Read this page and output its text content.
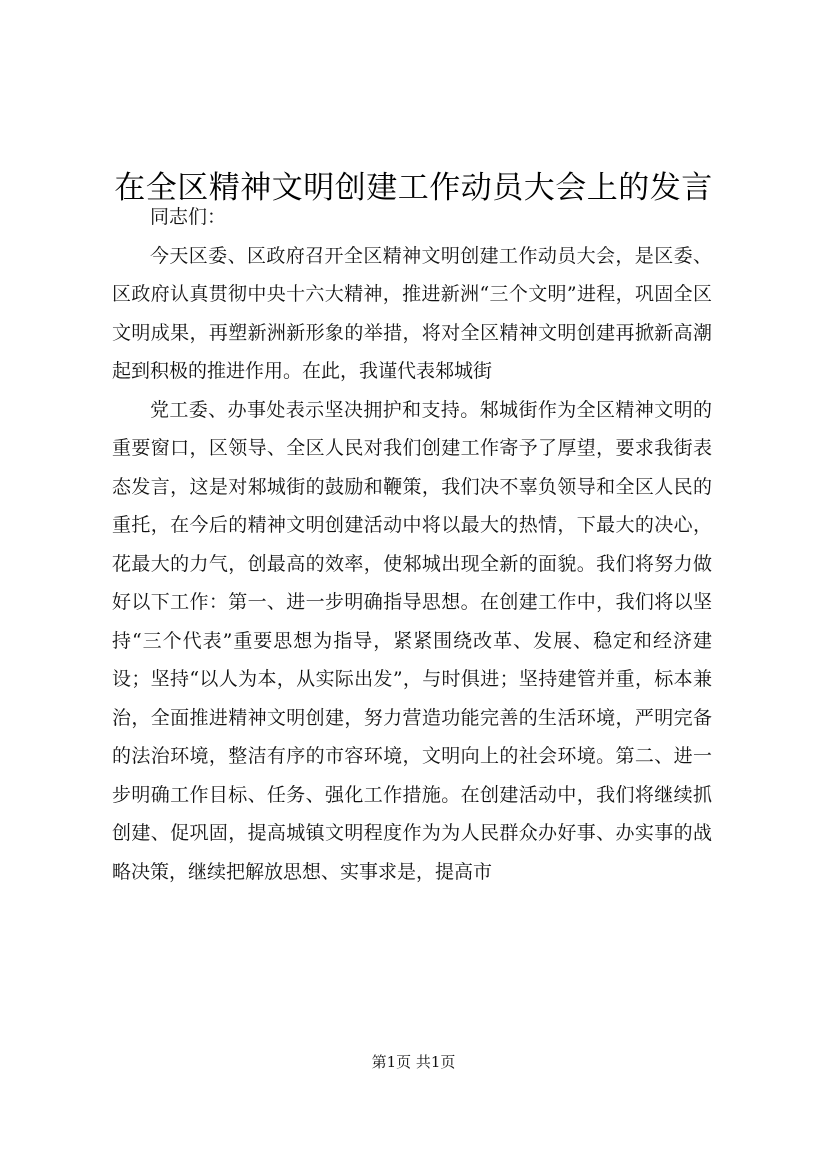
在全区精神文明创建工作动员大会上的发言

同志们：

今天区委、区政府召开全区精神文明创建工作动员大会，是区委、区政府认真贯彻中央十六大精神，推进新洲“三个文明”进程，巩固全区文明成果，再塑新洲新形象的举措，将对全区精神文明创建再掀新高潮起到积极的推进作用。在此，我谨代表邾城街

党工委、办事处表示坚决拥护和支持。邾城街作为全区精神文明的重要窗口，区领导、全区人民对我们创建工作寄予了厚望，要求我街表态发言，这是对邾城街的鼓励和鞭策，我们决不辜负领导和全区人民的重托，在今后的精神文明创建活动中将以最大的热情，下最大的决心，花最大的力气，创最高的效率，使邾城出现全新的面貌。我们将努力做好以下工作：第一、进一步明确指导思想。在创建工作中，我们将以坚持“三个代表”重要思想为指导，紧紧围绕改革、发展、稳定和经济建设；坚持“以人为本，从实际出发”，与时俱进；坚持建管并重，标本兼治，全面推进精神文明创建，努力营造功能完善的生活环境，严明完备的法治环境，整洁有序的市容环境，文明向上的社会环境。第二、进一步明确工作目标、任务、强化工作措施。在创建活动中，我们将继续抓创建、促巩固，提高城镇文明程度作为为人民群众办好事、办实事的战略决策，继续把解放思想、实事求是，提高市

第1页 共1页
